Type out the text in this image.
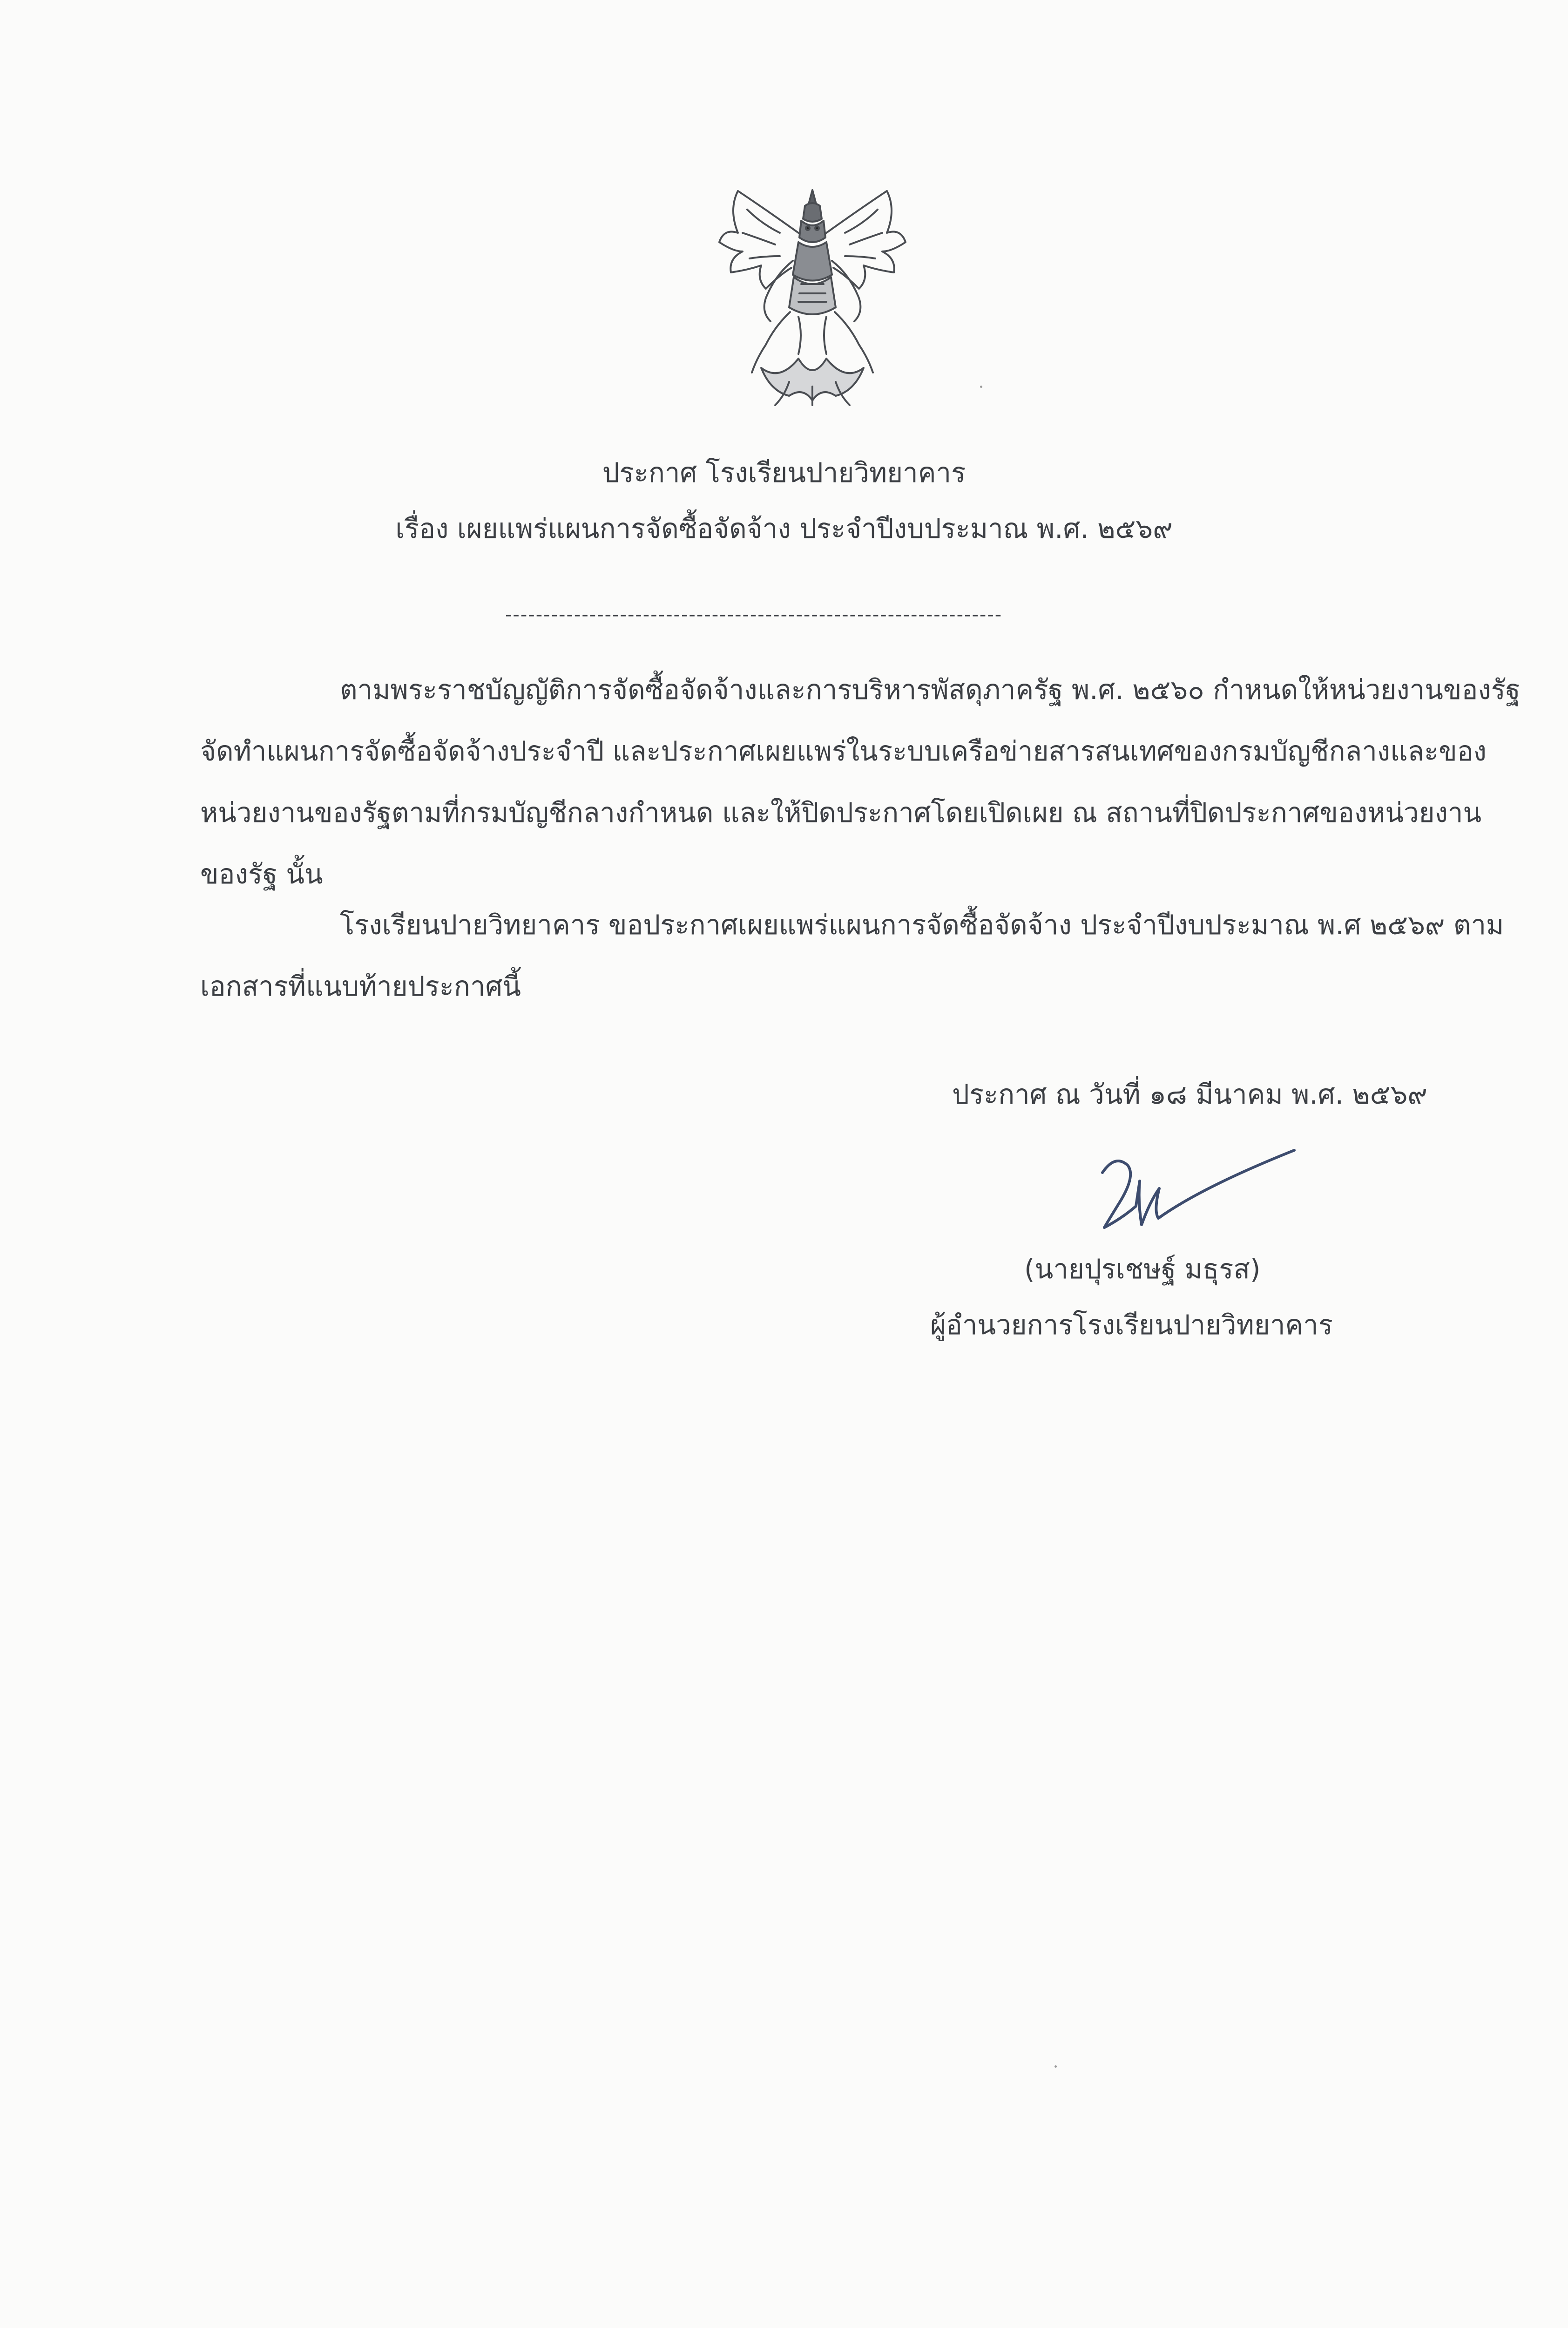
ประกาศ โรงเรียนปายวิทยาคาร
เรื่อง เผยแพร่แผนการจัดซื้อจัดจ้าง ประจำปีงบประมาณ พ.ศ. ๒๕๖๙
-----------------------------------------------------------------
ตามพระราชบัญญัติการจัดซื้อจัดจ้างและการบริหารพัสดุภาครัฐ พ.ศ. ๒๕๖๐ กำหนดให้หน่วยงานของรัฐ
จัดทำแผนการจัดซื้อจัดจ้างประจำปี และประกาศเผยแพร่ในระบบเครือข่ายสารสนเทศของกรมบัญชีกลางและของ
หน่วยงานของรัฐตามที่กรมบัญชีกลางกำหนด และให้ปิดประกาศโดยเปิดเผย ณ สถานที่ปิดประกาศของหน่วยงาน
ของรัฐ นั้น
โรงเรียนปายวิทยาคาร ขอประกาศเผยแพร่แผนการจัดซื้อจัดจ้าง ประจำปีงบประมาณ พ.ศ ๒๕๖๙ ตาม
เอกสารที่แนบท้ายประกาศนี้
ประกาศ ณ วันที่ ๑๘ มีนาคม พ.ศ. ๒๕๖๙
(นายปุรเชษฐ์ มธุรส)
ผู้อำนวยการโรงเรียนปายวิทยาคาร
